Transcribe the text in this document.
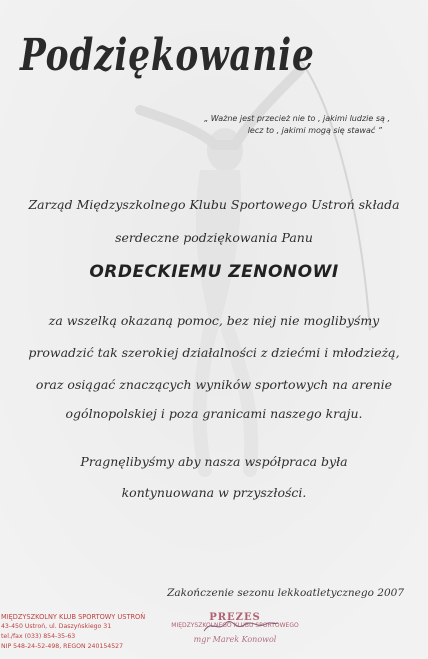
Podziękowanie
„ Ważne jest przecież nie to , jakimi ludzie są ,
lecz to , jakimi mogą się stawać ”
Zarząd Międzyszkolnego Klubu Sportowego Ustroń składa
serdeczne podziękowania Panu
ORDECKIEMU ZENONOWI
za wszelką okazaną pomoc, bez niej nie moglibyśmy
prowadzić tak szerokiej działalności z dziećmi i młodzieżą,
oraz osiągać znaczących wyników sportowych na arenie
ogólnopolskiej i poza granicami naszego kraju.
Pragnęlibyśmy aby nasza współpraca była
kontynuowana w przyszłości.
Zakończenie sezonu lekkoatletycznego 2007
MIĘDZYSZKOLNY KLUB SPORTOWY USTROŃ
43-450 Ustroń, ul. Daszyńskiego 31
tel./fax (033) 854-35-63
NIP 548-24-52-498, REGON 240154527
PREZES
MIĘDZYSZKOLNEGO KLUBU SPORTOWEGO
mgr Marek Konowol
